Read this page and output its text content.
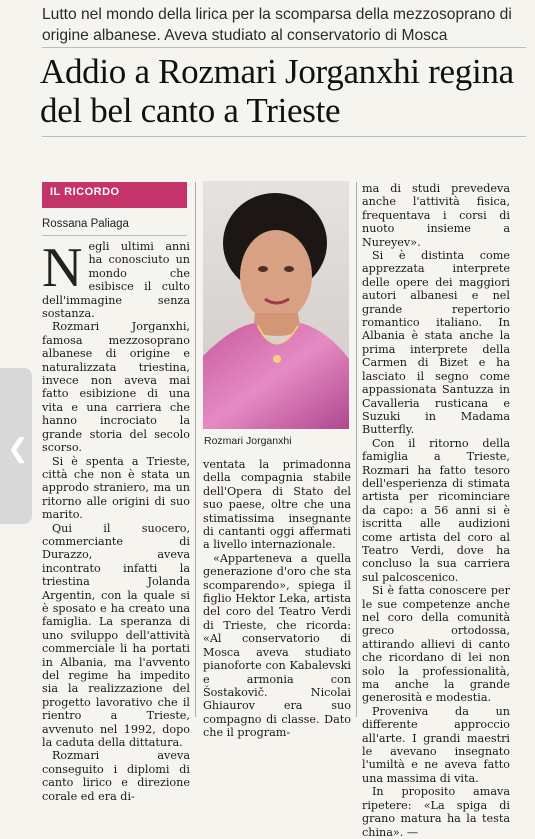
Lutto nel mondo della lirica per la scomparsa della mezzosoprano di origine albanese. Aveva studiato al conservatorio di Mosca
Addio a Rozmari Jorganxhi regina del bel canto a Trieste
IL RICORDO
Rossana Paliaga

Negli ultimi anni ha conosciuto un mondo che esibisce il culto dell'immagine senza sostanza.

Rozmari Jorganxhi, famosa mezzosoprano albanese di origine e naturalizzata triestina, invece non aveva mai fatto esibizione di una vita e una carriera che hanno incrociato la grande storia del secolo scorso.

Si è spenta a Trieste, città che non è stata un approdo straniero, ma un ritorno alle origini di suo marito.

Qui il suocero, commerciante di Durazzo, aveva incontrato infatti la triestina Jolanda Argentin, con la quale si è sposato e ha creato una famiglia. La speranza di uno sviluppo dell'attività commerciale li ha portati in Albania, ma l'avvento del regime ha impedito sia la realizzazione del progetto lavorativo che il rientro a Trieste, avvenuto nel 1992, dopo la caduta della dittatura.

Rozmari aveva conseguito i diplomi di canto lirico e direzione corale ed era di-

Rozmari Jorganxhi

ventata la primadonna della compagnia stabile dell'Opera di Stato del suo paese, oltre che una stimatissima insegnante di cantanti oggi affermati a livello internazionale.

«Apparteneva a quella generazione d'oro che sta scomparendo», spiega il figlio Hektor Leka, artista del coro del Teatro Verdi di Trieste, che ricorda: «Al conservatorio di Mosca aveva studiato pianoforte con Kabalevski e armonia con Šostakovič. Nicolai Ghiaurov era suo compagno di classe. Dato che il program-

ma di studi prevedeva anche l'attività fisica, frequentava i corsi di nuoto insieme a Nureyev».

Si è distinta come apprezzata interprete delle opere dei maggiori autori albanesi e nel grande repertorio romantico italiano. In Albania è stata anche la prima interprete della Carmen di Bizet e ha lasciato il segno come appassionata Santuzza in Cavalleria rusticana e Suzuki in Madama Butterfly.

Con il ritorno della famiglia a Trieste, Rozmari ha fatto tesoro dell'esperienza di stimata artista per ricominciare da capo: a 56 anni si è iscritta alle audizioni come artista del coro al Teatro Verdi, dove ha concluso la sua carriera sul palcoscenico.

Si è fatta conoscere per le sue competenze anche nel coro della comunità greco ortodossa, attirando allievi di canto che ricordano di lei non solo la professionalità, ma anche la grande generosità e modestia.

Proveniva da un differente approccio all'arte. I grandi maestri le avevano insegnato l'umiltà e ne aveva fatto una massima di vita.

In proposito amava ripetere: «La spiga di grano matura ha la testa china». —

❮
